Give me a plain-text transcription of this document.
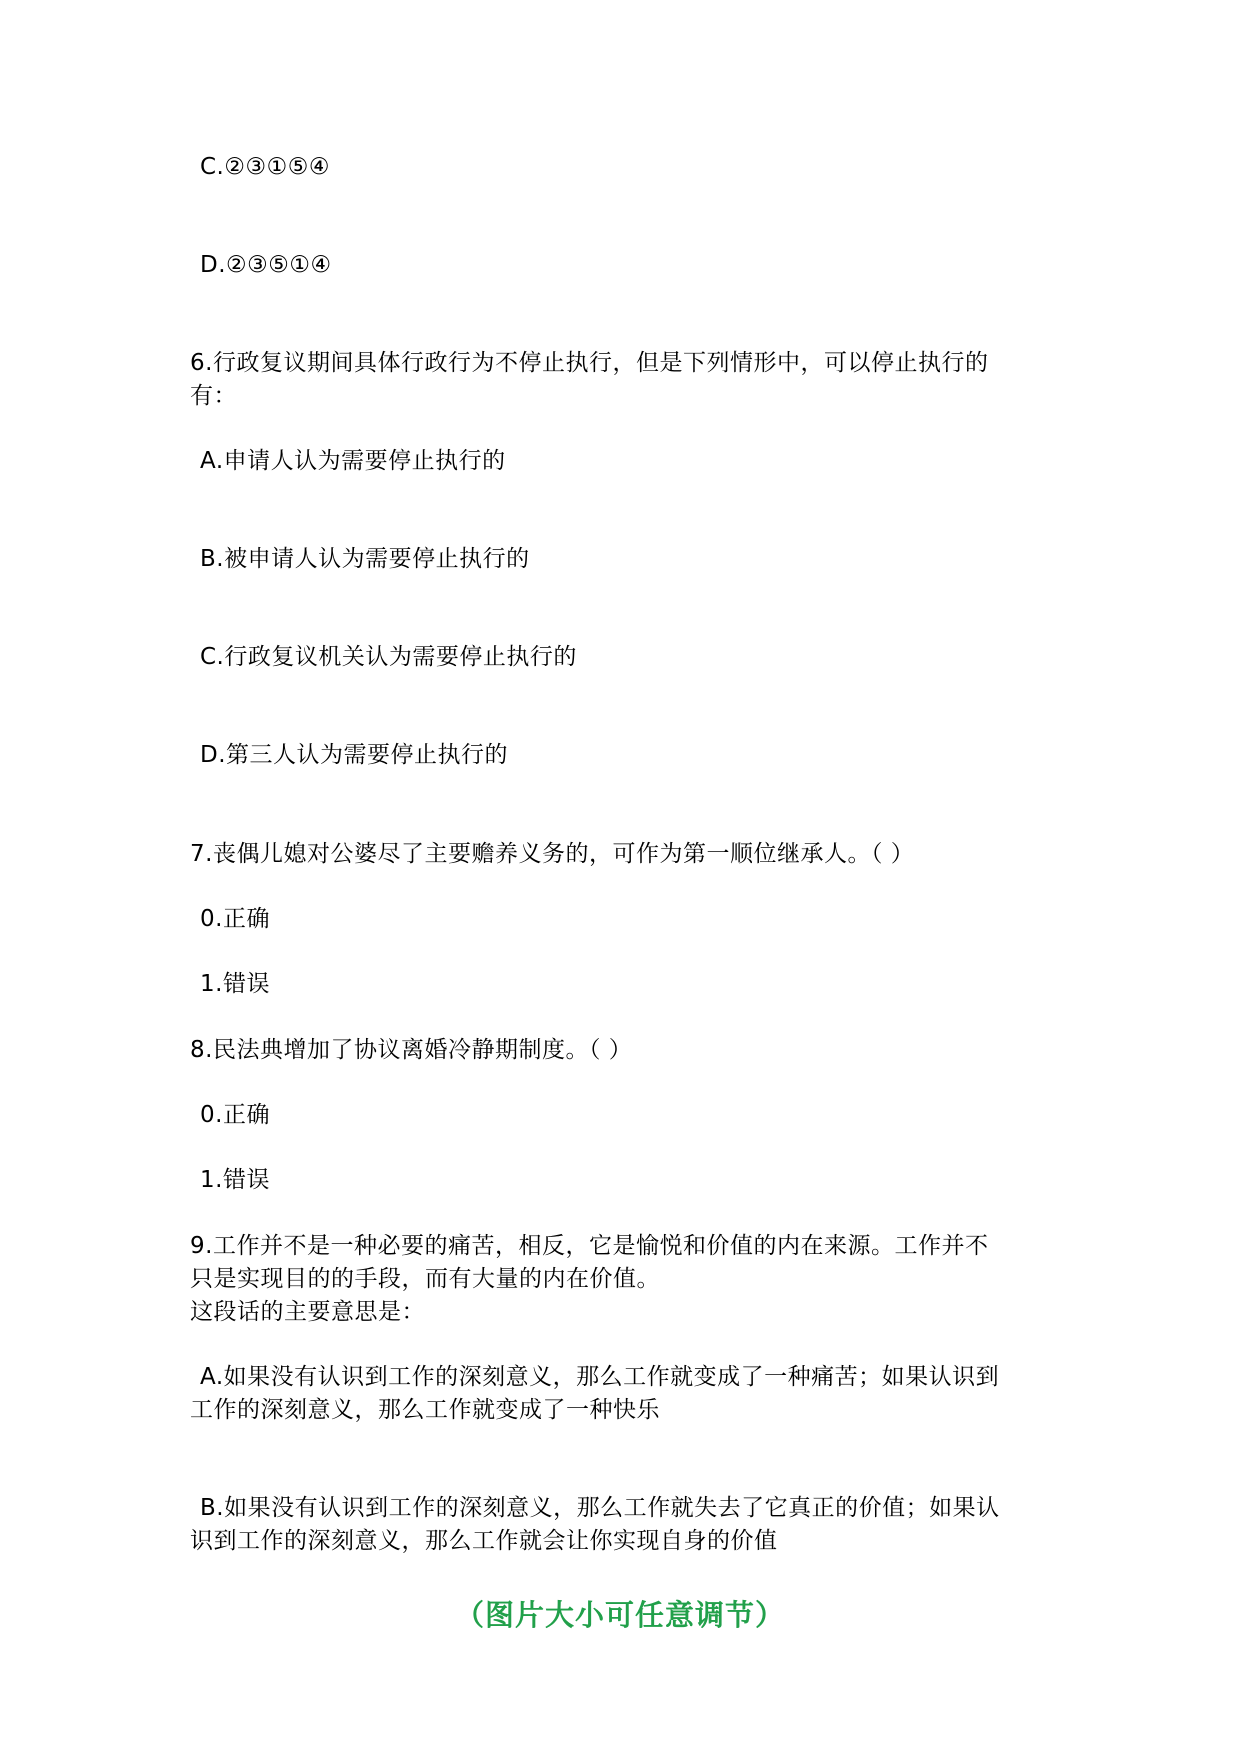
C.②③①⑤④
D.②③⑤①④
6.行政复议期间具体行政行为不停止执行，但是下列情形中，可以停止执行的
有：
A.申请人认为需要停止执行的
B.被申请人认为需要停止执行的
C.行政复议机关认为需要停止执行的
D.第三人认为需要停止执行的
7.丧偶儿媳对公婆尽了主要赡养义务的，可作为第一顺位继承人。（ ）
0.正确
1.错误
8.民法典增加了协议离婚冷静期制度。（ ）
0.正确
1.错误
9.工作并不是一种必要的痛苦，相反，它是愉悦和价值的内在来源。工作并不
只是实现目的的手段，而有大量的内在价值。
这段话的主要意思是：
A.如果没有认识到工作的深刻意义，那么工作就变成了一种痛苦；如果认识到
工作的深刻意义，那么工作就变成了一种快乐
B.如果没有认识到工作的深刻意义，那么工作就失去了它真正的价值；如果认
识到工作的深刻意义，那么工作就会让你实现自身的价值
（图片大小可任意调节）
